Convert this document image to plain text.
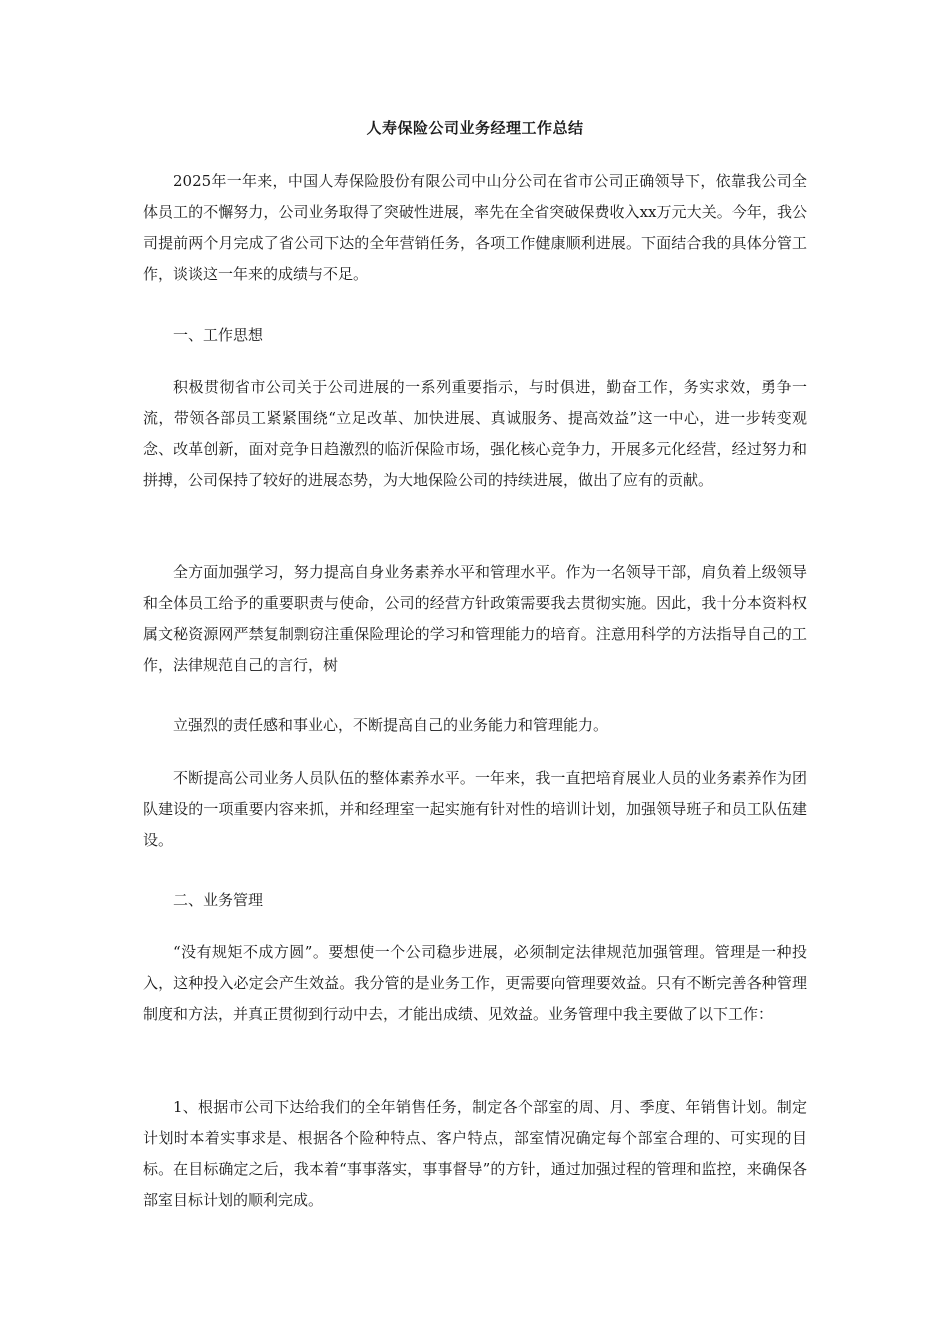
人寿保险公司业务经理工作总结

2025年一年来，中国人寿保险股份有限公司中山分公司在省市公司正确领导下，依靠我公司全体员工的不懈努力，公司业务取得了突破性进展，率先在全省突破保费收入xx万元大关。今年，我公司提前两个月完成了省公司下达的全年营销任务，各项工作健康顺利进展。下面结合我的具体分管工作，谈谈这一年来的成绩与不足。

一、工作思想

积极贯彻省市公司关于公司进展的一系列重要指示，与时俱进，勤奋工作，务实求效，勇争一流，带领各部员工紧紧围绕“立足改革、加快进展、真诚服务、提高效益”这一中心，进一步转变观念、改革创新，面对竞争日趋激烈的临沂保险市场，强化核心竞争力，开展多元化经营，经过努力和拼搏，公司保持了较好的进展态势，为大地保险公司的持续进展，做出了应有的贡献。

全方面加强学习，努力提高自身业务素养水平和管理水平。作为一名领导干部，肩负着上级领导和全体员工给予的重要职责与使命，公司的经营方针政策需要我去贯彻实施。因此，我十分本资料权属文秘资源网严禁复制剽窃注重保险理论的学习和管理能力的培育。注意用科学的方法指导自己的工作，法律规范自己的言行，树

立强烈的责任感和事业心，不断提高自己的业务能力和管理能力。

不断提高公司业务人员队伍的整体素养水平。一年来，我一直把培育展业人员的业务素养作为团队建设的一项重要内容来抓，并和经理室一起实施有针对性的培训计划，加强领导班子和员工队伍建设。

二、业务管理

“没有规矩不成方圆”。要想使一个公司稳步进展，必须制定法律规范加强管理。管理是一种投入，这种投入必定会产生效益。我分管的是业务工作，更需要向管理要效益。只有不断完善各种管理制度和方法，并真正贯彻到行动中去，才能出成绩、见效益。业务管理中我主要做了以下工作：

1、根据市公司下达给我们的全年销售任务，制定各个部室的周、月、季度、年销售计划。制定计划时本着实事求是、根据各个险种特点、客户特点，部室情况确定每个部室合理的、可实现的目标。在目标确定之后，我本着“事事落实，事事督导”的方针，通过加强过程的管理和监控，来确保各部室目标计划的顺利完成。
